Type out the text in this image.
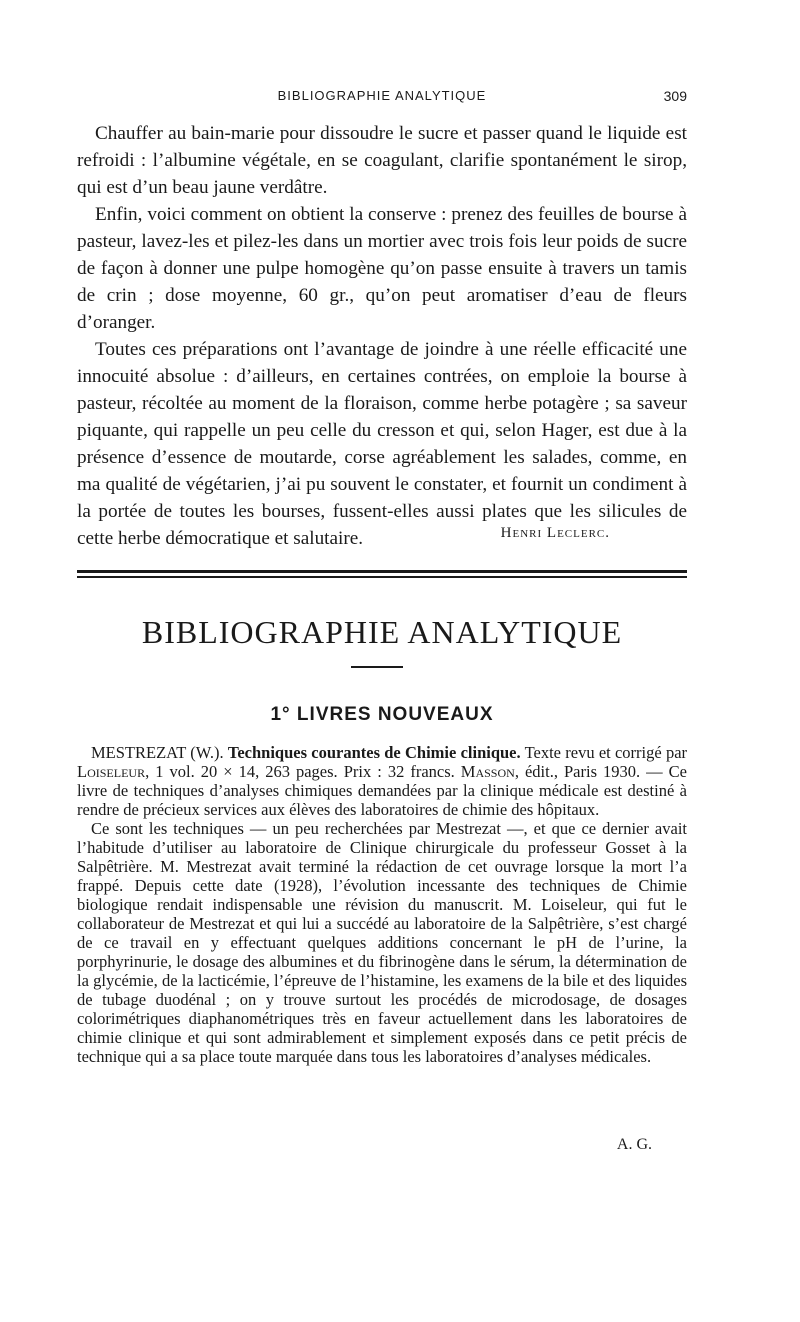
BIBLIOGRAPHIE ANALYTIQUE	309

Chauffer au bain-marie pour dissoudre le sucre et passer quand le liquide est refroidi : l’albumine végétale, en se coagulant, clarifie spontanément le sirop, qui est d’un beau jaune verdâtre.

Enfin, voici comment on obtient la conserve : prenez des feuilles de bourse à pasteur, lavez-les et pilez-les dans un mortier avec trois fois leur poids de sucre de façon à donner une pulpe homogène qu’on passe ensuite à travers un tamis de crin ; dose moyenne, 60 gr., qu’on peut aromatiser d’eau de fleurs d’oranger.

Toutes ces préparations ont l’avantage de joindre à une réelle efficacité une innocuité absolue : d’ailleurs, en certaines contrées, on emploie la bourse à pasteur, récoltée au moment de la floraison, comme herbe potagère ; sa saveur piquante, qui rappelle un peu celle du cresson et qui, selon Hager, est due à la présence d’essence de moutarde, corse agréablement les salades, comme, en ma qualité de végétarien, j’ai pu souvent le constater, et fournit un condiment à la portée de toutes les bourses, fussent-elles aussi plates que les silicules de cette herbe démocratique et salutaire.	Henri Leclerc.
BIBLIOGRAPHIE ANALYTIQUE
1° LIVRES NOUVEAUX

MESTREZAT (W.). Techniques courantes de Chimie clinique. Texte revu et corrigé par Loiseleur, 1 vol. 20 × 14, 263 pages. Prix : 32 francs. Masson, édit., Paris 1930. — Ce livre de techniques d’analyses chimiques demandées par la clinique médicale est destiné à rendre de précieux services aux élèves des laboratoires de chimie des hôpitaux.

Ce sont les techniques — un peu recherchées par Mestrezat —, et que ce dernier avait l’habitude d’utiliser au laboratoire de Clinique chirurgicale du professeur Gosset à la Salpêtrière. M. Mestrezat avait terminé la rédaction de cet ouvrage lorsque la mort l’a frappé. Depuis cette date (1928), l’évolution incessante des techniques de Chimie biologique rendait indispensable une révision du manuscrit. M. Loiseleur, qui fut le collaborateur de Mestrezat et qui lui a succédé au laboratoire de la Salpêtrière, s’est chargé de ce travail en y effectuant quelques additions concernant le pH de l’urine, la porphyrinurie, le dosage des albumines et du fibrinogène dans le sérum, la détermination de la glycémie, de la lacticémie, l’épreuve de l’histamine, les examens de la bile et des liquides de tubage duodénal ; on y trouve surtout les procédés de microdosage, de dosages colorimétriques diaphanométriques très en faveur actuellement dans les laboratoires de chimie clinique et qui sont admirablement et simplement exposés dans ce petit précis de technique qui a sa place toute marquée dans tous les laboratoires d’analyses médicales.

A. G.
